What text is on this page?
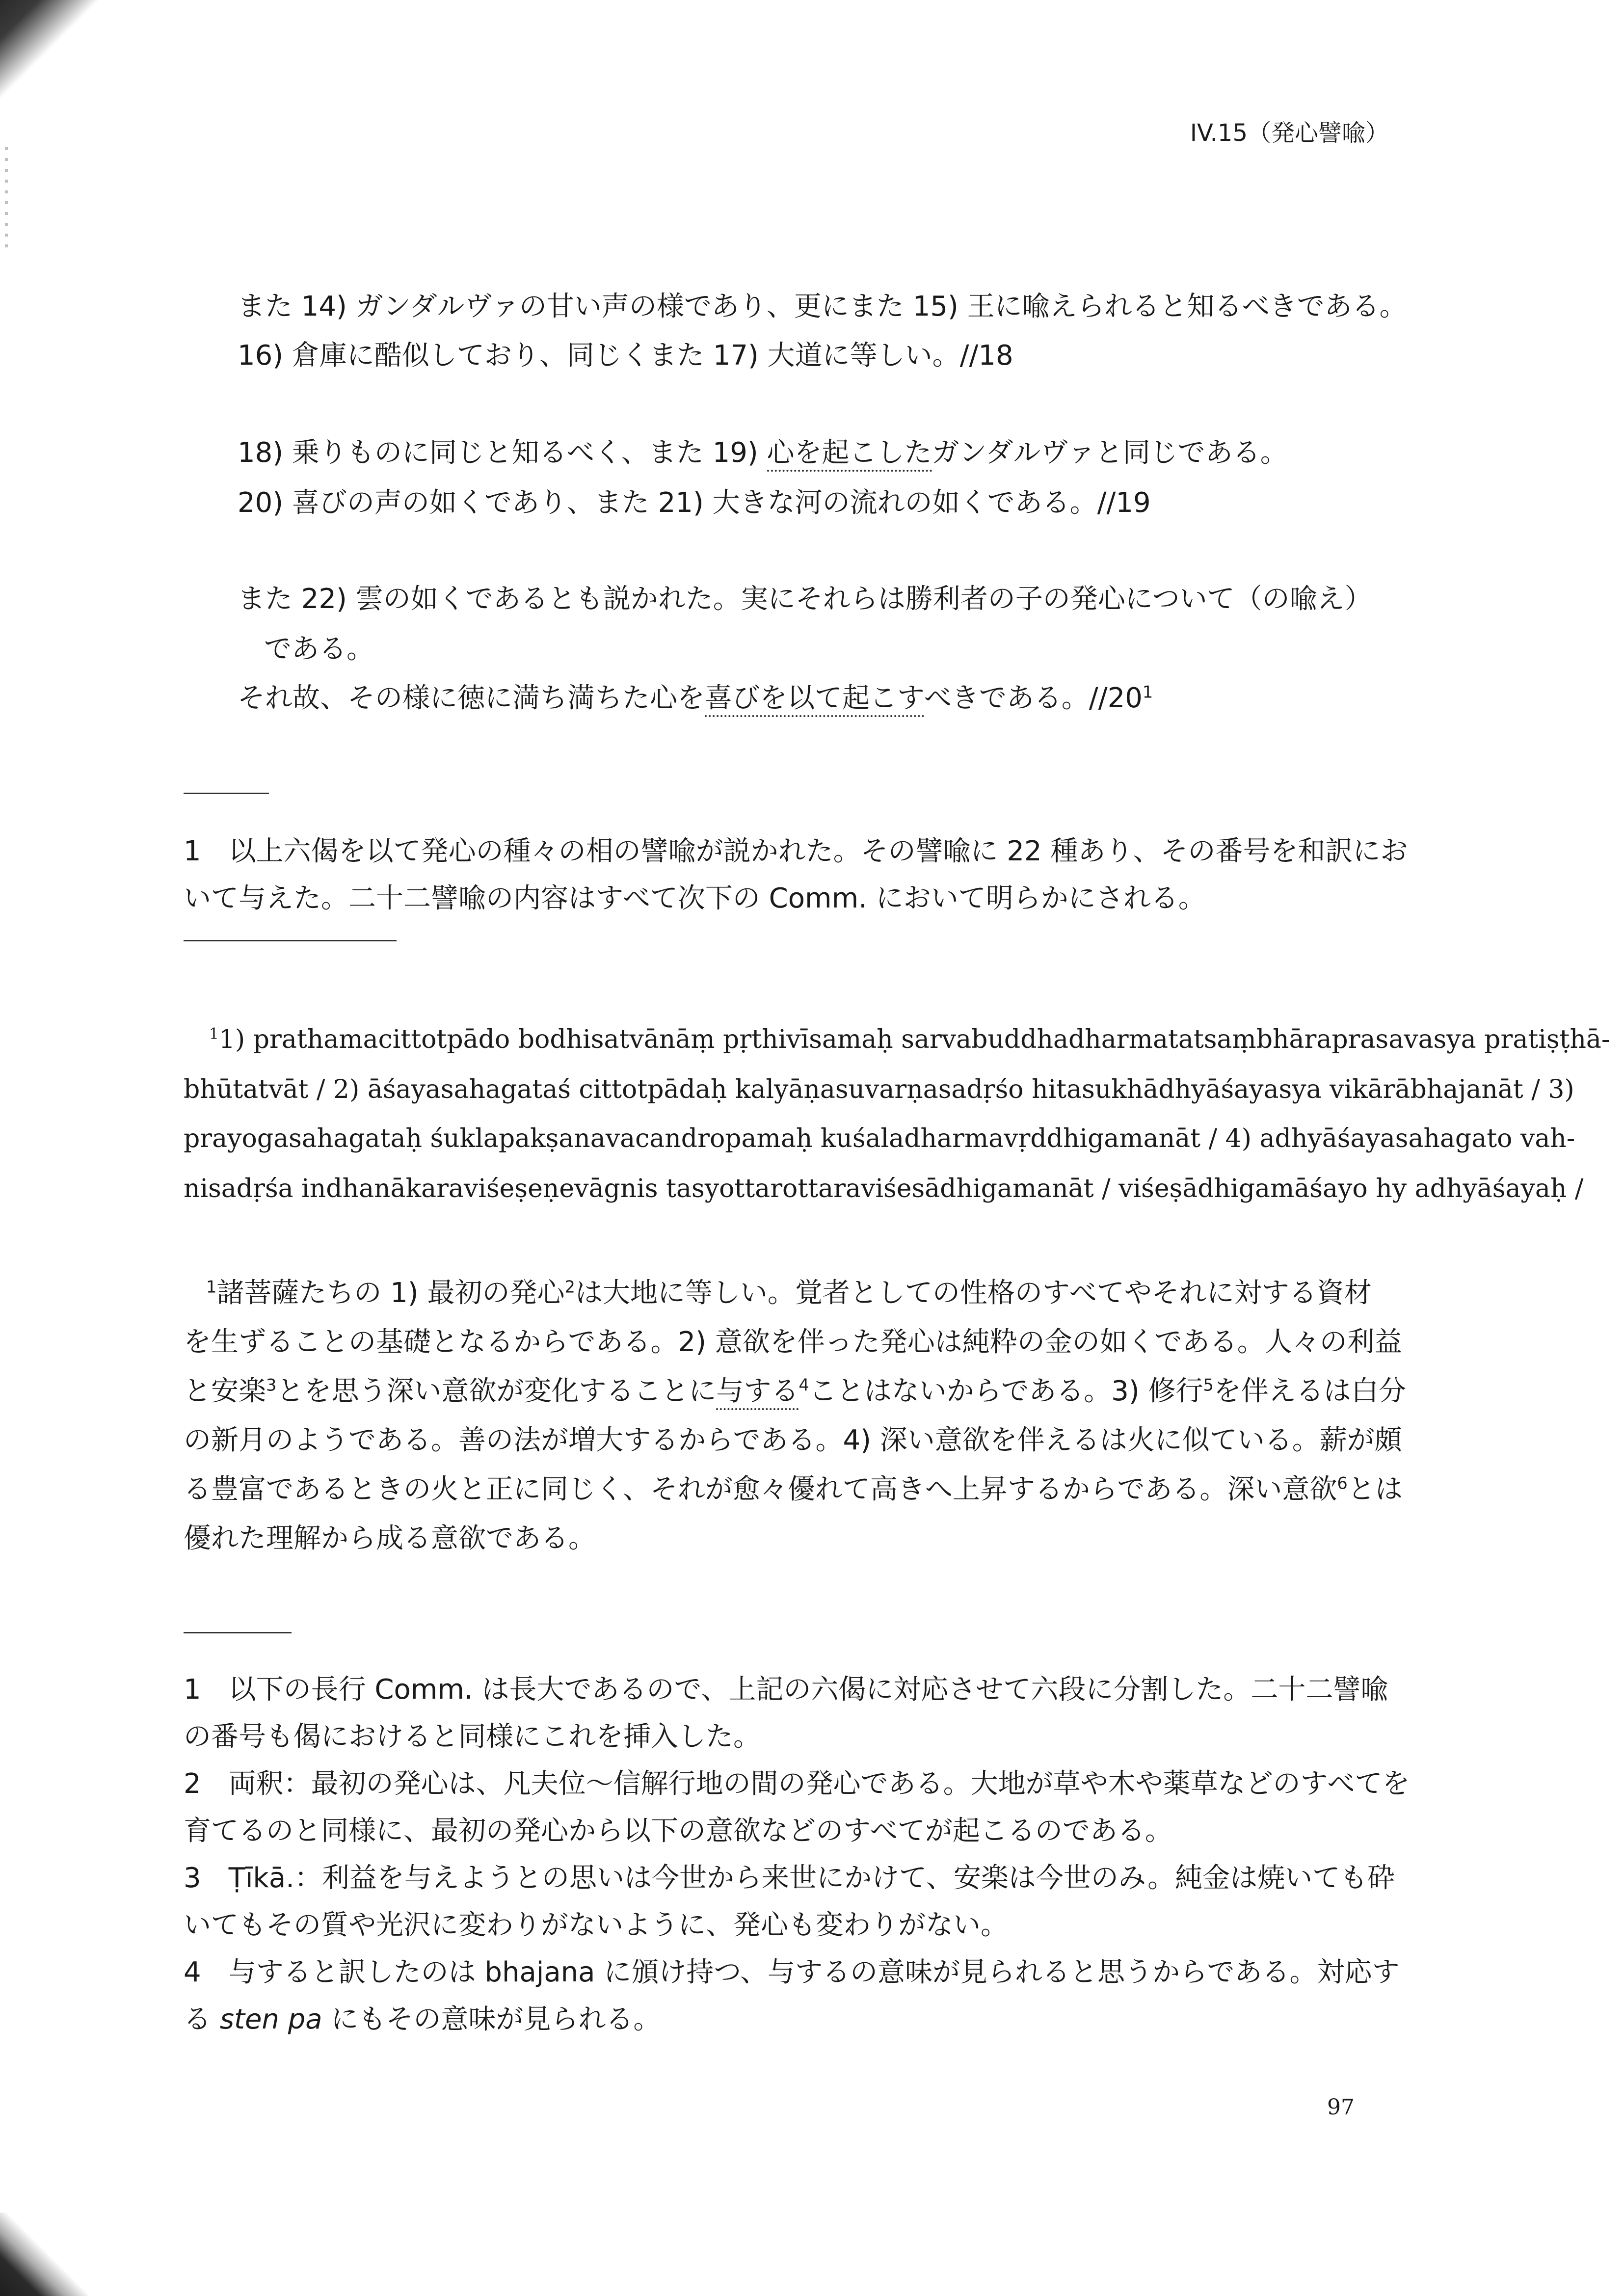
IV.15（発心譬喩）
また 14) ガンダルヴァの甘い声の様であり、更にまた 15) 王に喩えられると知るべきである。
16) 倉庫に酷似しており、同じくまた 17) 大道に等しい。//18
18) 乗りものに同じと知るべく、また 19) 心を起こしたガンダルヴァと同じである。
20) 喜びの声の如くであり、また 21) 大きな河の流れの如くである。//19
また 22) 雲の如くであるとも説かれた。実にそれらは勝利者の子の発心について（の喩え）
である。
それ故、その様に徳に満ち満ちた心を喜びを以て起こすべきである。$//20^1$
1　以上六偈を以て発心の種々の相の譬喩が説かれた。その譬喩に 22 種あり、その番号を和訳にお
いて与えた。二十二譬喩の内容はすべて次下の Comm. において明らかにされる。
$^1$1) prathamacittotpādo bodhisatvānāṃ pṛthivīsamaḥ sarvabuddhadharmatatsaṃbhāraprasavasya pratiṣṭhā-
bhūtatvāt / 2) āśayasahagataś cittotpādaḥ kalyāṇasuvarṇasadṛśo hitasukhādhyāśayasya vikārābhajanāt / 3)
prayogasahagataḥ śuklapakṣanavacandropamaḥ kuśaladharmavṛddhigamanāt / 4) adhyāśayasahagato vah-
nisadṛśa indhanākaraviśeṣeṇevāgnis tasyottarottaraviśesādhigamanāt / viśeṣādhigamāśayo hy adhyāśayaḥ /
$^1$諸菩薩たちの 1) 最初の発心$^2$は大地に等しい。覚者としての性格のすべてやそれに対する資材
を生ずることの基礎となるからである。2) 意欲を伴った発心は純粋の金の如くである。人々の利益
と安楽$^3$とを思う深い意欲が変化することに与する$^4$ことはないからである。3) 修行$^5$を伴えるは白分
の新月のようである。善の法が増大するからである。4) 深い意欲を伴えるは火に似ている。薪が頗
る豊富であるときの火と正に同じく、それが愈々優れて高きへ上昇するからである。深い意欲$^6$とは
優れた理解から成る意欲である。
1　以下の長行 Comm. は長大であるので、上記の六偈に対応させて六段に分割した。二十二譬喩
の番号も偈におけると同様にこれを挿入した。
2　両釈：最初の発心は、凡夫位〜信解行地の間の発心である。大地が草や木や薬草などのすべてを
育てるのと同様に、最初の発心から以下の意欲などのすべてが起こるのである。
3　Ṭīkā.：利益を与えようとの思いは今世から来世にかけて、安楽は今世のみ。純金は焼いても砕
いてもその質や光沢に変わりがないように、発心も変わりがない。
4　与すると訳したのは bhajana に頒け持つ、与するの意味が見られると思うからである。対応す
る sten pa にもその意味が見られる。
97
